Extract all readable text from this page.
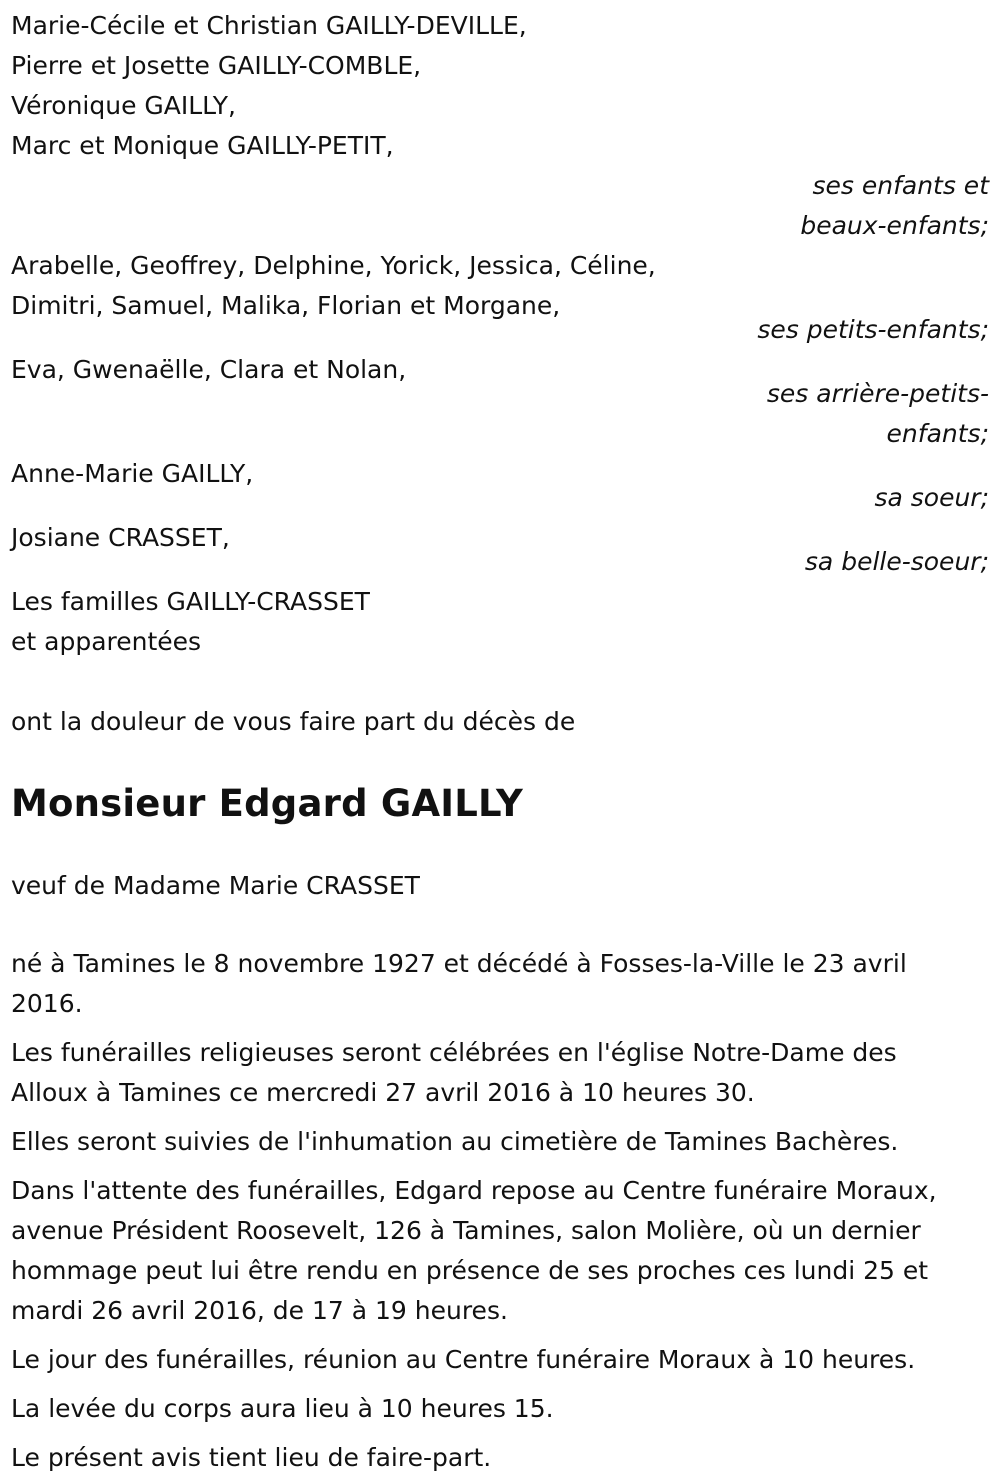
Marie-Cécile et Christian GAILLY-DEVILLE,
Pierre et Josette GAILLY-COMBLE,
Véronique GAILLY,
Marc et Monique GAILLY-PETIT,
ses enfants et
beaux-enfants;
Arabelle, Geoffrey, Delphine, Yorick, Jessica, Céline,
Dimitri, Samuel, Malika, Florian et Morgane,
ses petits-enfants;
Eva, Gwenaëlle, Clara et Nolan,
ses arrière-petits-
enfants;
Anne-Marie GAILLY,
sa soeur;
Josiane CRASSET,
sa belle-soeur;
Les familles GAILLY-CRASSET
et apparentées
ont la douleur de vous faire part du décès de
Monsieur Edgard GAILLY
veuf de Madame Marie CRASSET
né à Tamines le 8 novembre 1927 et décédé à Fosses-la-Ville le 23 avril 2016.
Les funérailles religieuses seront célébrées en l'église Notre-Dame des Alloux à Tamines ce mercredi 27 avril 2016 à 10 heures 30.
Elles seront suivies de l'inhumation au cimetière de Tamines Bachères.
Dans l'attente des funérailles, Edgard repose au Centre funéraire Moraux, avenue Président Roosevelt, 126 à Tamines, salon Molière, où un dernier hommage peut lui être rendu en présence de ses proches ces lundi 25 et mardi 26 avril 2016, de 17 à 19 heures.
Le jour des funérailles, réunion au Centre funéraire Moraux à 10 heures.
La levée du corps aura lieu à 10 heures 15.
Le présent avis tient lieu de faire-part.
